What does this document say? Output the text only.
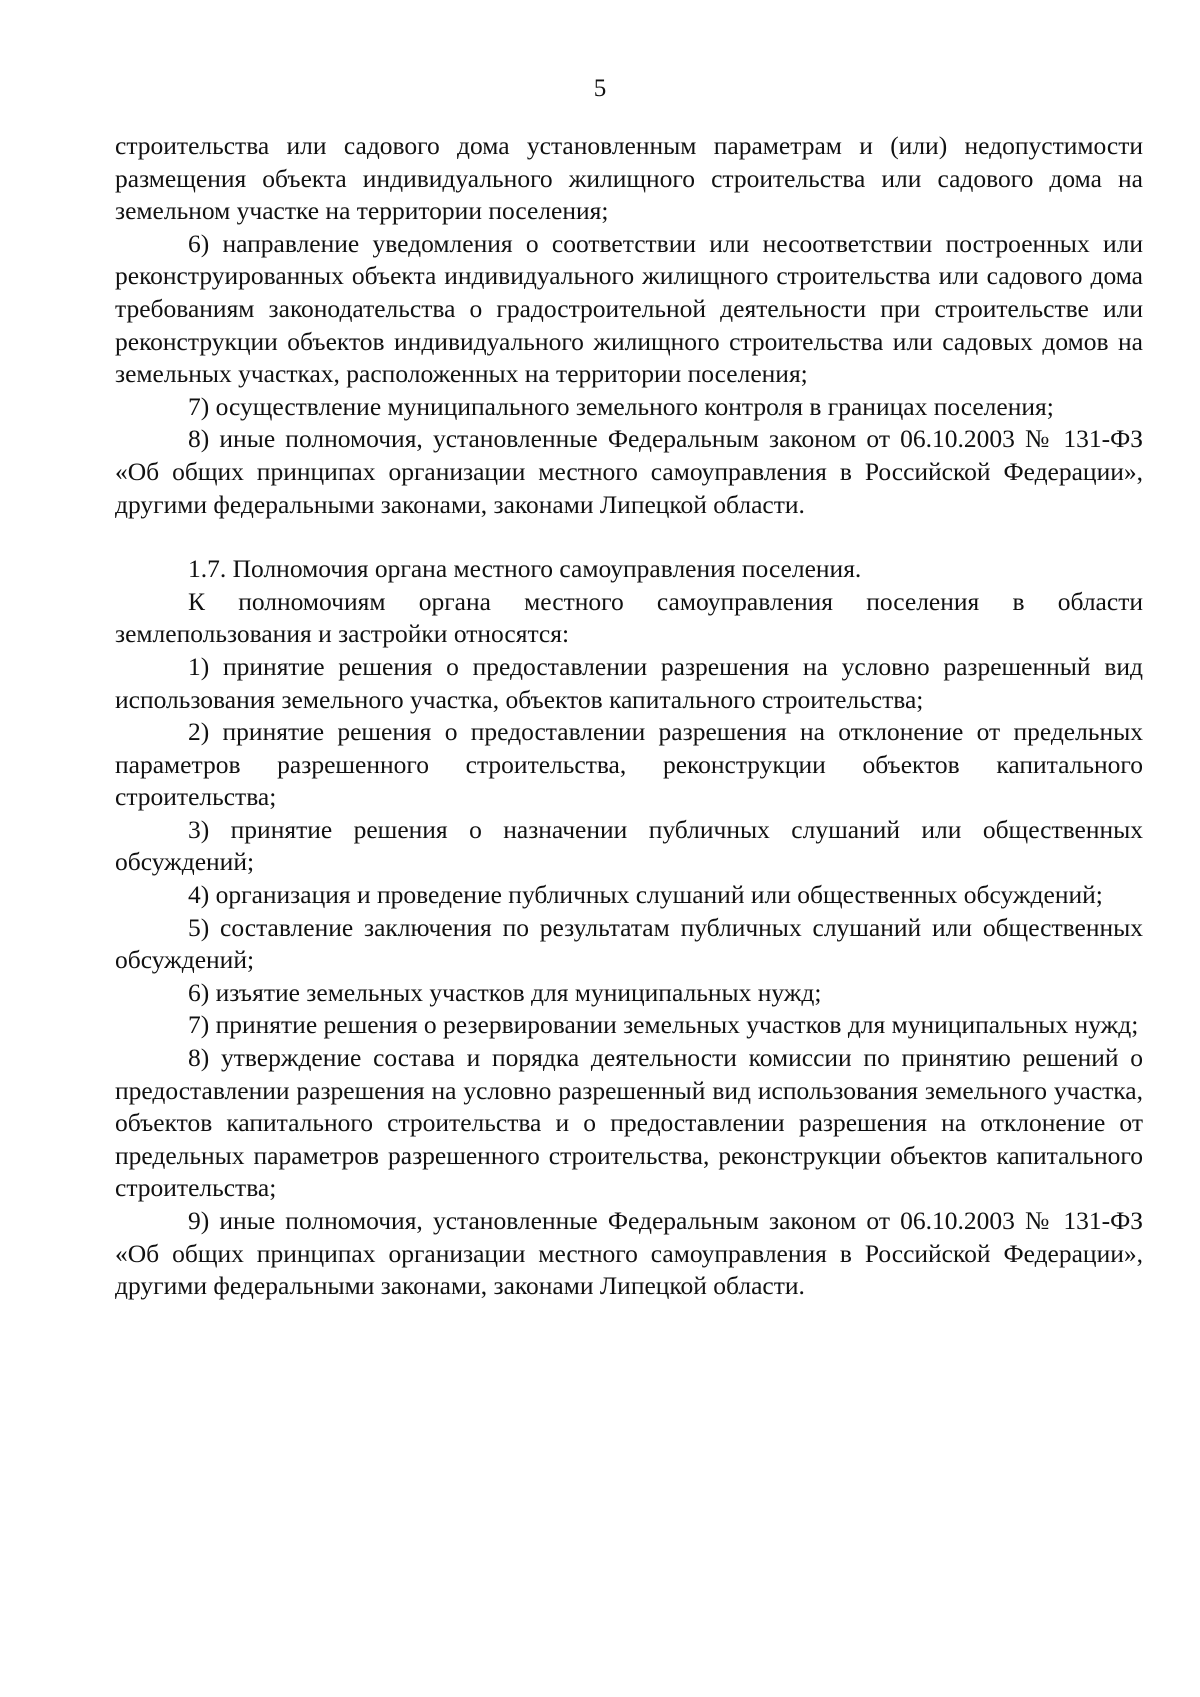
5

строительства или садового дома установленным параметрам и (или) недопустимости размещения объекта индивидуального жилищного строительства или садового дома на земельном участке на территории поселения;

6) направление уведомления о соответствии или несоответствии построенных или реконструированных объекта индивидуального жилищного строительства или садового дома требованиям законодательства о градостроительной деятельности при строительстве или реконструкции объектов индивидуального жилищного строительства или садовых домов на земельных участках, расположенных на территории поселения;

7) осуществление муниципального земельного контроля в границах поселения;

8) иные полномочия, установленные Федеральным законом от 06.10.2003 № 131-ФЗ «Об общих принципах организации местного самоуправления в Российской Федерации», другими федеральными законами, законами Липецкой области.

1.7. Полномочия органа местного самоуправления поселения.

К полномочиям органа местного самоуправления поселения в области землепользования и застройки относятся:

1) принятие решения о предоставлении разрешения на условно разрешенный вид использования земельного участка, объектов капитального строительства;

2) принятие решения о предоставлении разрешения на отклонение от предельных параметров разрешенного строительства, реконструкции объектов капитального строительства;

3) принятие решения о назначении публичных слушаний или общественных обсуждений;

4) организация и проведение публичных слушаний или общественных обсуждений;

5) составление заключения по результатам публичных слушаний или общественных обсуждений;

6) изъятие земельных участков для муниципальных нужд;

7) принятие решения о резервировании земельных участков для муниципальных нужд;

8) утверждение состава и порядка деятельности комиссии по принятию решений о предоставлении разрешения на условно разрешенный вид использования земельного участка, объектов капитального строительства и о предоставлении разрешения на отклонение от предельных параметров разрешенного строительства, реконструкции объектов капитального строительства;

9) иные полномочия, установленные Федеральным законом от 06.10.2003 № 131-ФЗ «Об общих принципах организации местного самоуправления в Российской Федерации», другими федеральными законами, законами Липецкой области.
